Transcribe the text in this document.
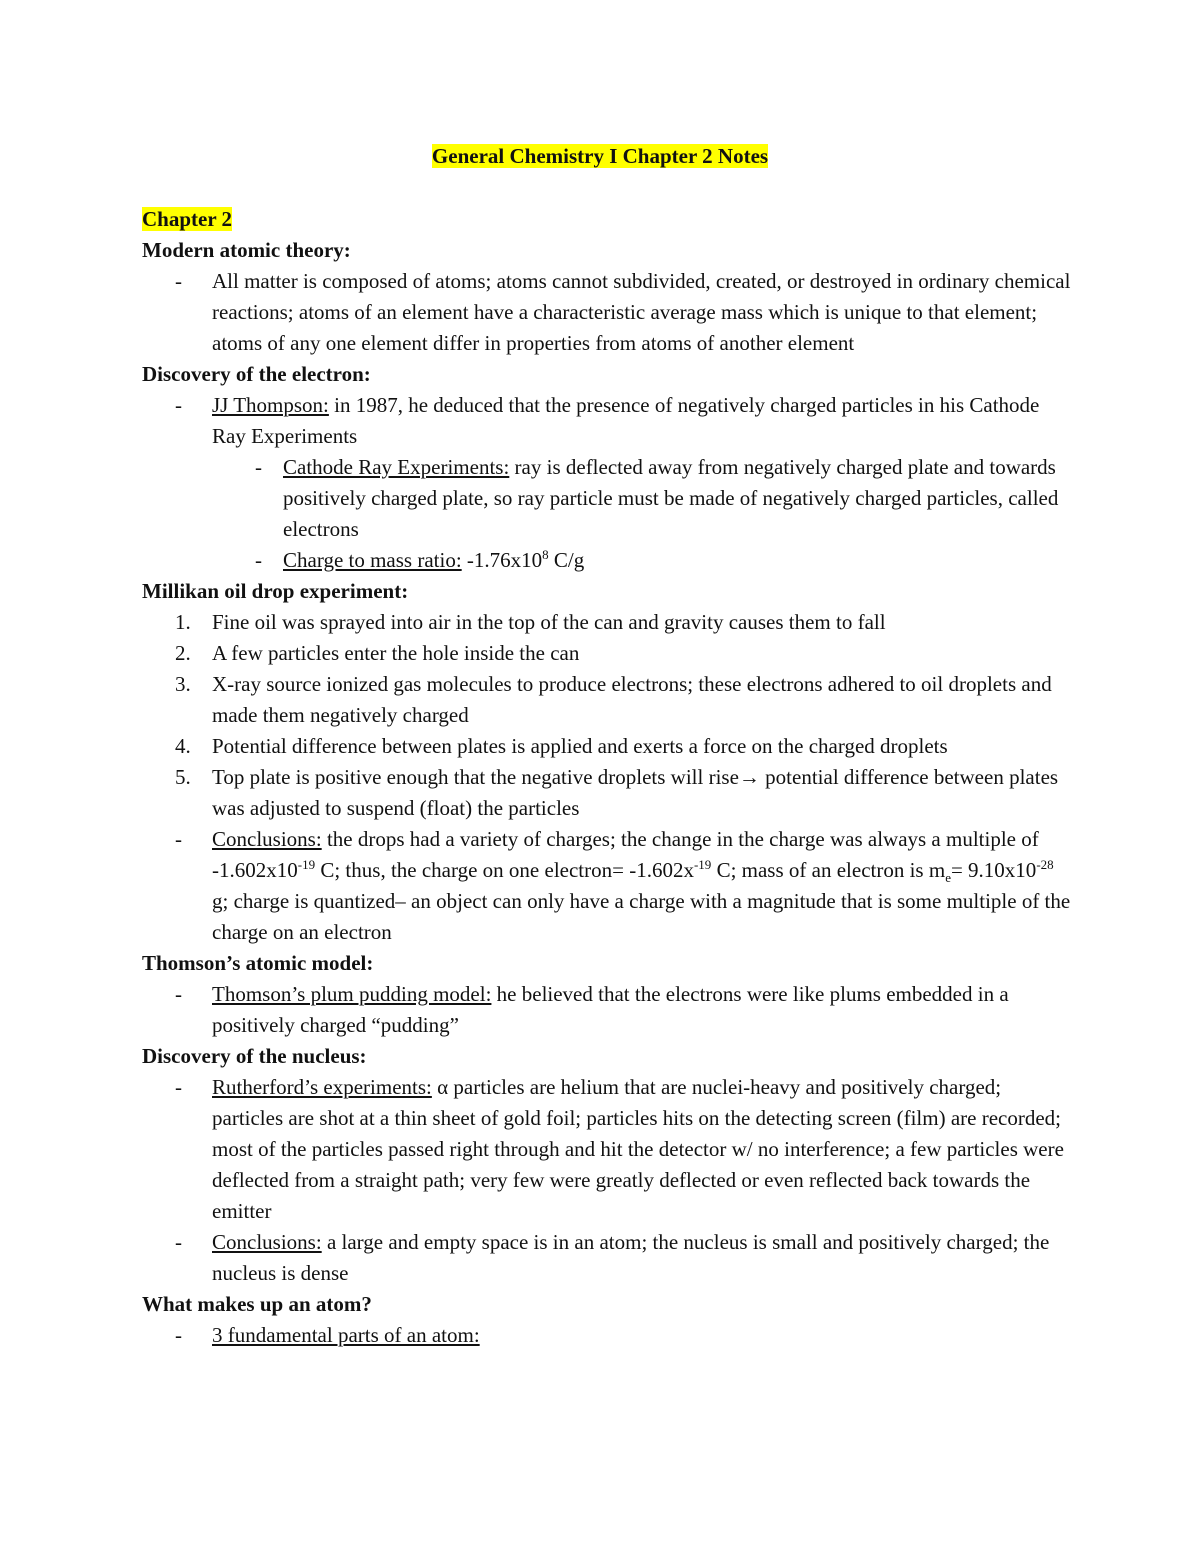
General Chemistry I Chapter 2 Notes
Chapter 2
Modern atomic theory:
- All matter is composed of atoms; atoms cannot subdivided, created, or destroyed in ordinary chemical reactions; atoms of an element have a characteristic average mass which is unique to that element; atoms of any one element differ in properties from atoms of another element
Discovery of the electron:
- JJ Thompson: in 1987, he deduced that the presence of negatively charged particles in his Cathode Ray Experiments
- Cathode Ray Experiments: ray is deflected away from negatively charged plate and towards positively charged plate, so ray particle must be made of negatively charged particles, called electrons
- Charge to mass ratio: $-1.76x10^8$ C/g
Millikan oil drop experiment:
1. Fine oil was sprayed into air in the top of the can and gravity causes them to fall
2. A few particles enter the hole inside the can
3. X-ray source ionized gas molecules to produce electrons; these electrons adhered to oil droplets and made them negatively charged
4. Potential difference between plates is applied and exerts a force on the charged droplets
5. Top plate is positive enough that the negative droplets will rise→ potential difference between plates was adjusted to suspend (float) the particles
- Conclusions: the drops had a variety of charges; the change in the charge was always a multiple of $-1.602x10^{-19}$ C; thus, the charge on one electron= $-1.602x^{-19}$ C; mass of an electron is $m_e= 9.10x10^{-28}$ g; charge is quantized– an object can only have a charge with a magnitude that is some multiple of the charge on an electron
Thomson’s atomic model:
- Thomson’s plum pudding model: he believed that the electrons were like plums embedded in a positively charged “pudding”
Discovery of the nucleus:
- Rutherford’s experiments: α particles are helium that are nuclei-heavy and positively charged; particles are shot at a thin sheet of gold foil; particles hits on the detecting screen (film) are recorded; most of the particles passed right through and hit the detector w/ no interference; a few particles were deflected from a straight path; very few were greatly deflected or even reflected back towards the emitter
- Conclusions: a large and empty space is in an atom; the nucleus is small and positively charged; the nucleus is dense
What makes up an atom?
- 3 fundamental parts of an atom:
